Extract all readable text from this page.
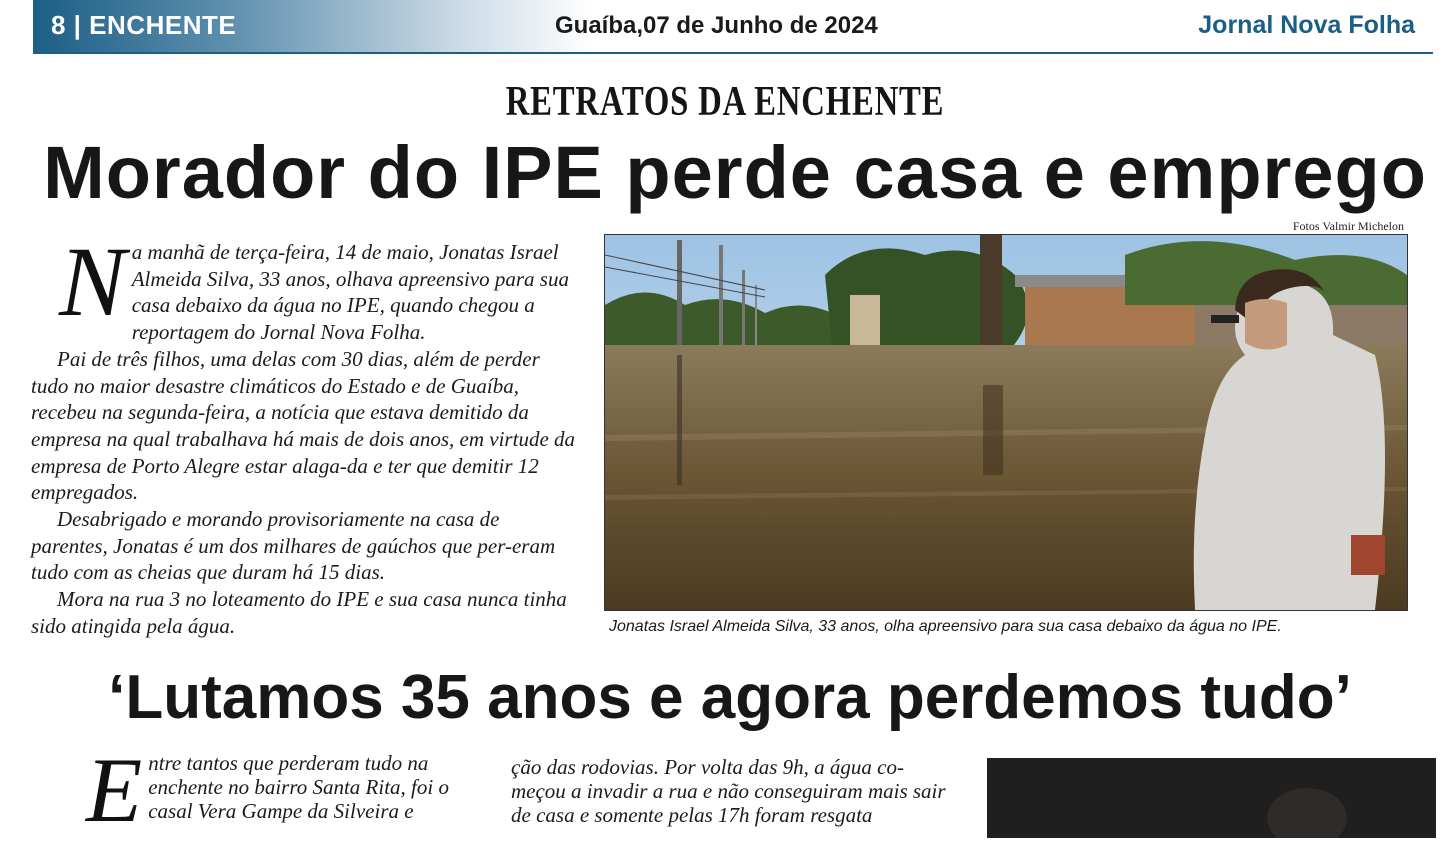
8 | ENCHENTE	Guaíba,07 de Junho de 2024	Jornal Nova Folha
RETRATOS DA ENCHENTE
Morador do IPE perde casa e emprego
Fotos Valmir Michelon
N a manhã de terça-feira, 14 de maio, Jonatas Israel Almeida Silva, 33 anos, olhava apreensivo para sua casa debaixo da água no IPE, quando chegou a reportagem do Jornal Nova Folha.

Pai de três filhos, uma delas com 30 dias, além de perder tudo no maior desastre climáticos do Estado e de Guaíba, recebeu na segunda-feira, a notícia que estava demitido da empresa na qual trabalhava há mais de dois anos, em virtude da empresa de Porto Alegre estar alaga-da e ter que demitir 12 empregados.

Desabrigado e morando provisoriamente na casa de parentes, Jonatas é um dos milhares de gaúchos que per-eram tudo com as cheias que duram há 15 dias.

Mora na rua 3 no loteamento do IPE e sua casa nunca tinha sido atingida pela água.	Jonatas Israel Almeida Silva, 33 anos, olha apreensivo para sua casa debaixo da água no IPE.
‘Lutamos 35 anos e agora perdemos tudo’
E ntre tantos que perderam tudo na enchente no bairro Santa Rita, foi o casal Vera Gampe da Silveira e

ção das rodovias. Por volta das 9h, a água co-meçou a invadir a rua e não conseguiram mais sair de casa e somente pelas 17h foram resgata
